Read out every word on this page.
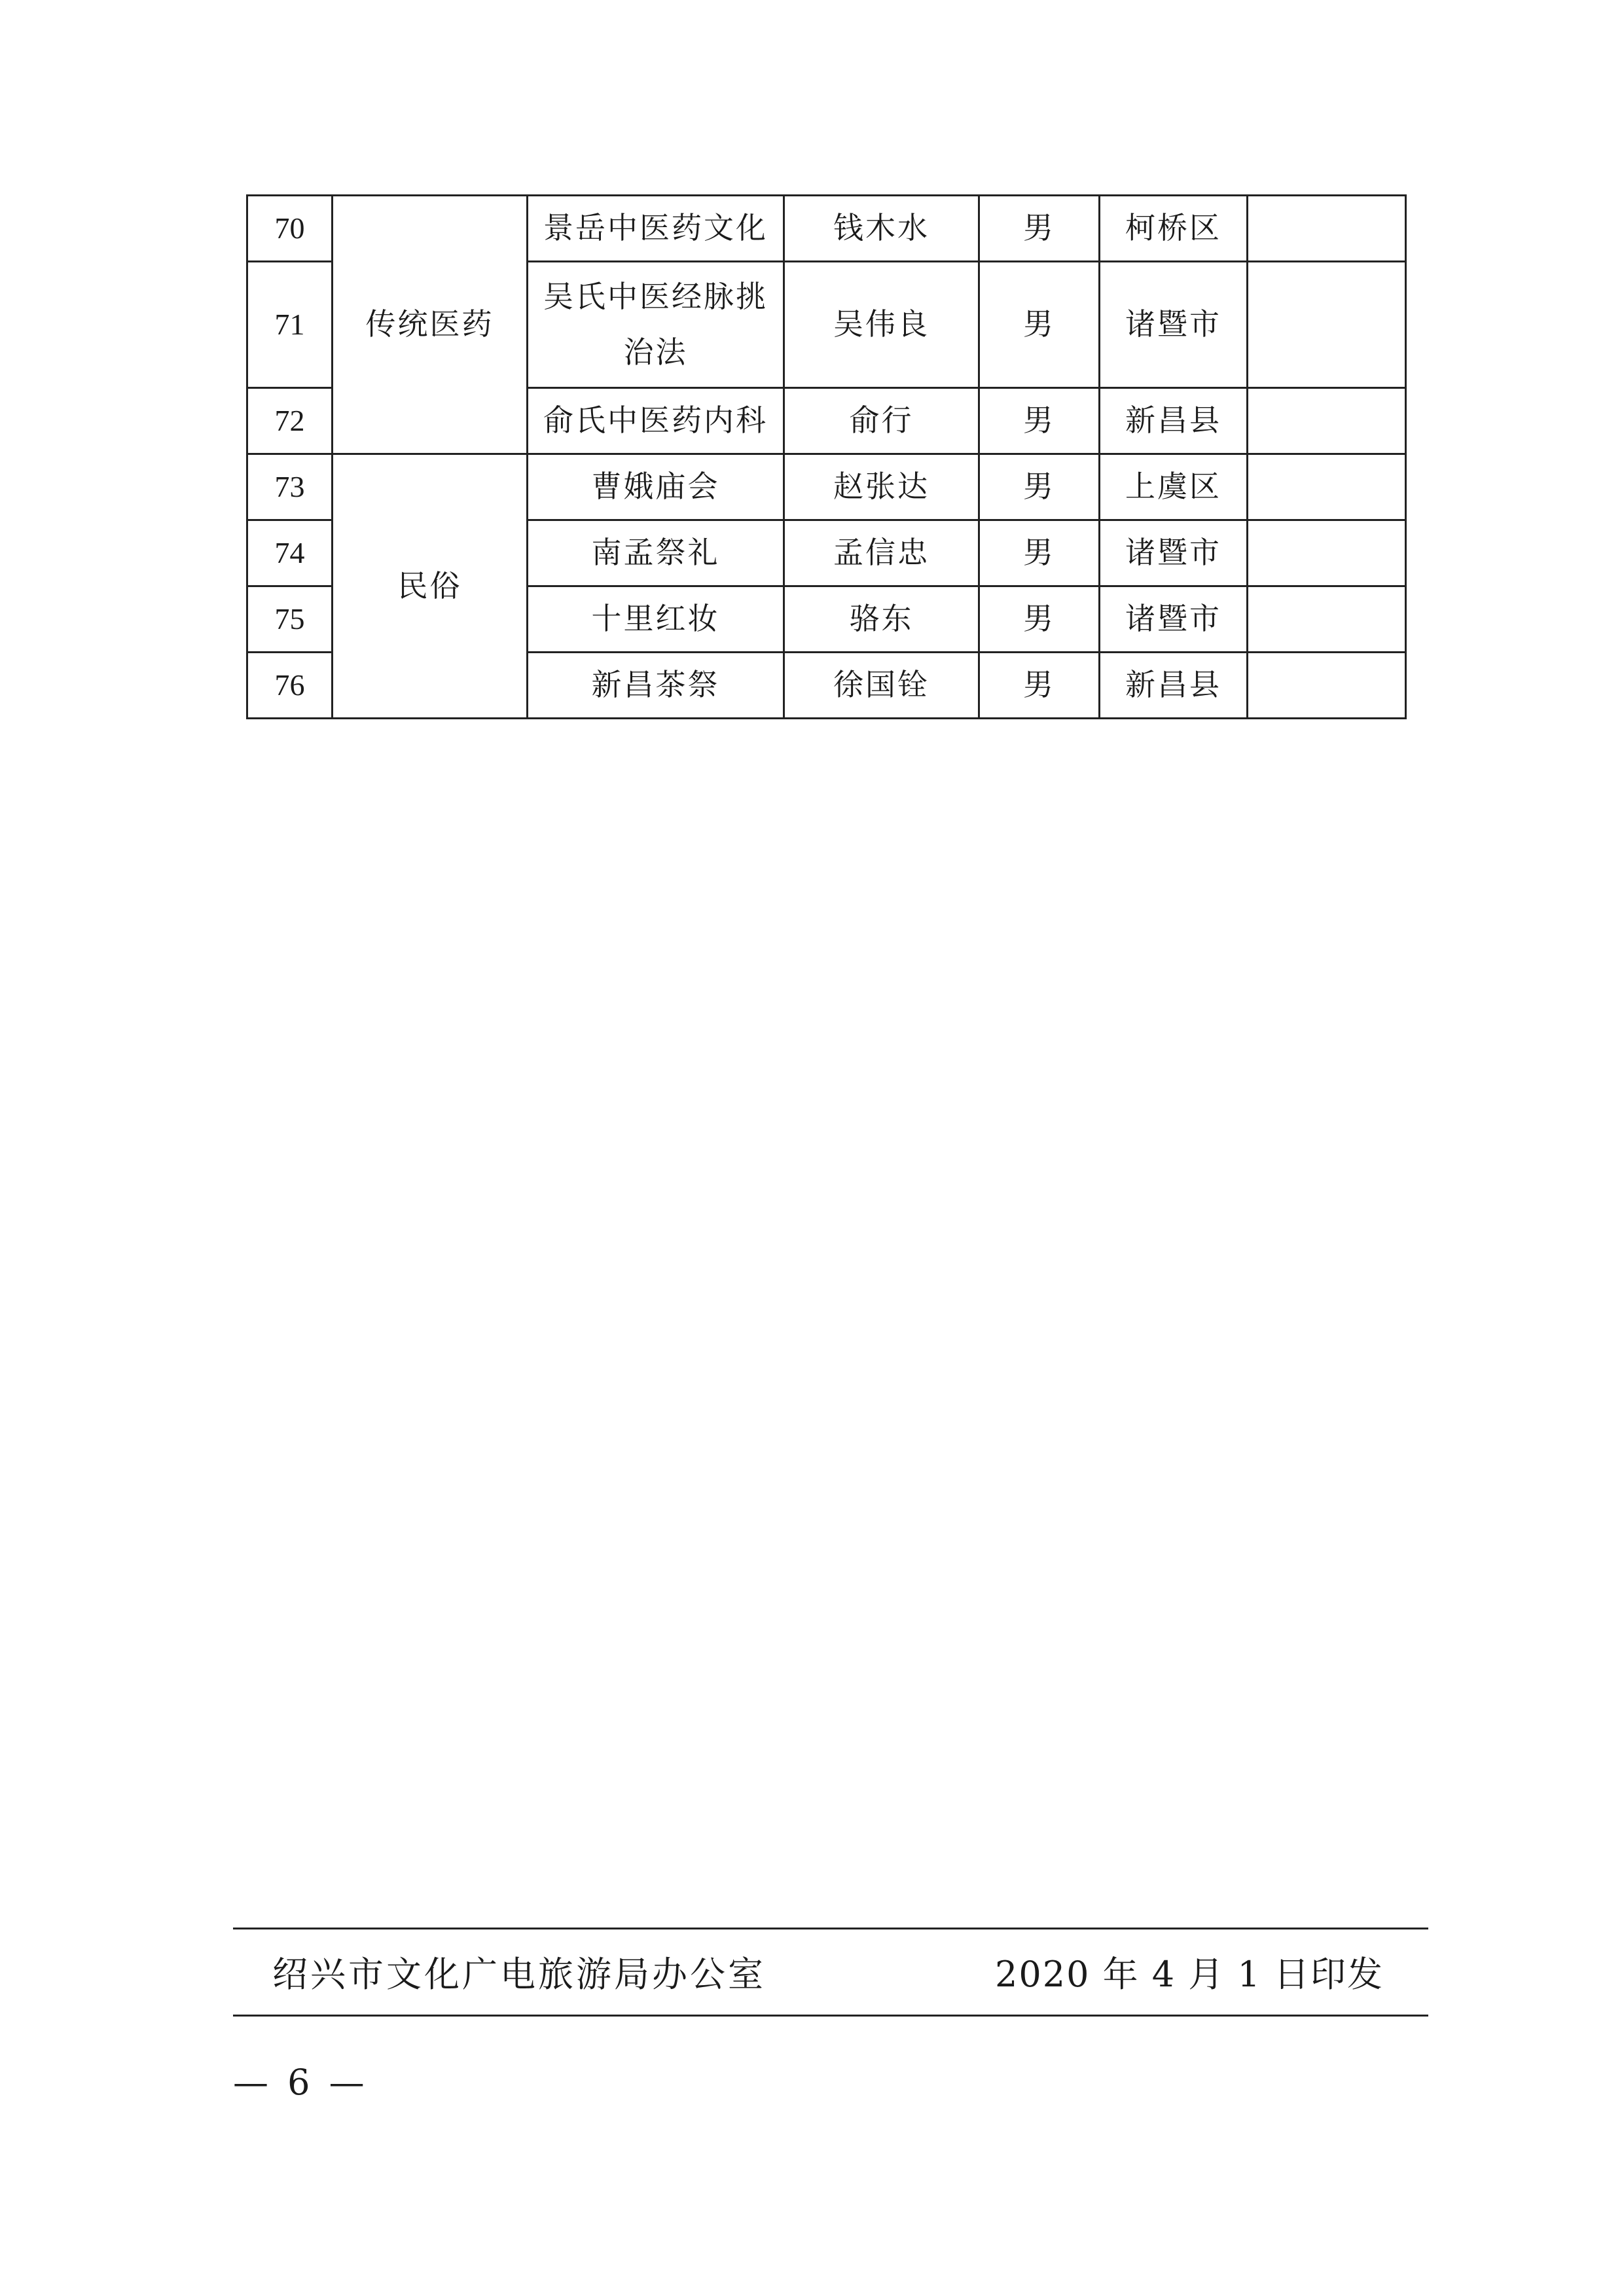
70	传统医药	景岳中医药文化	钱木水	男	柯桥区	
71		吴氏中医经脉挑治法	吴伟良	男	诸暨市	
72		俞氏中医药内科	俞行	男	新昌县	
73	民俗	曹娥庙会	赵张达	男	上虞区	
74		南孟祭礼	孟信忠	男	诸暨市	
75		十里红妆	骆东	男	诸暨市	
76		新昌茶祭	徐国铨	男	新昌县	
绍兴市文化广电旅游局办公室	2020 年 4 月 1 日印发
— 6 —
